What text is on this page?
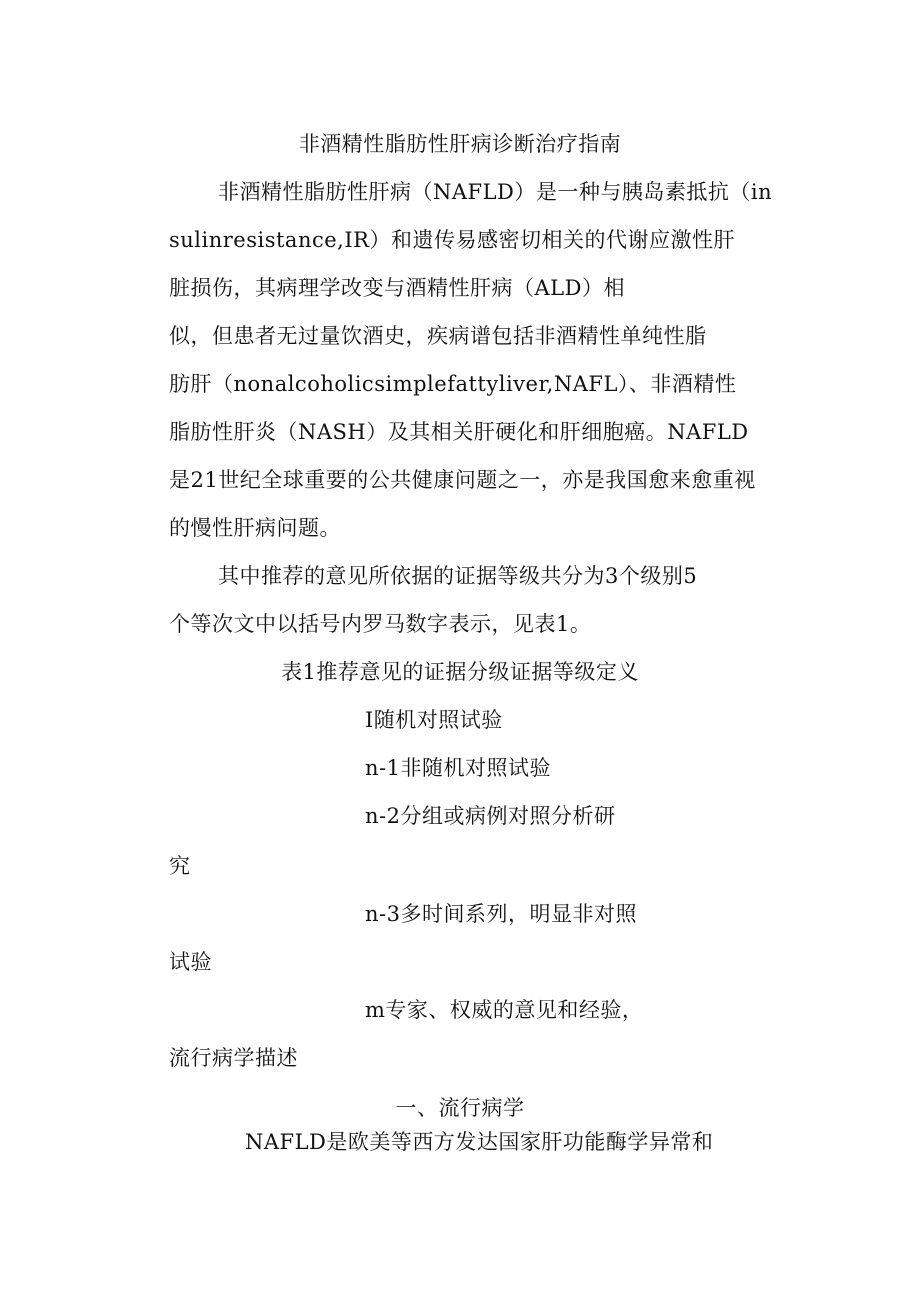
非酒精性脂肪性肝病诊断治疗指南
非酒精性脂肪性肝病（NAFLD）是一种与胰岛素抵抗（in
sulinresistance,IR）和遗传易感密切相关的代谢应激性肝
脏损伤，其病理学改变与酒精性肝病（ALD）相
似，但患者无过量饮酒史，疾病谱包括非酒精性单纯性脂
肪肝（nonalcoholicsimplefattyliver,NAFL）、非酒精性
脂肪性肝炎（NASH）及其相关肝硬化和肝细胞癌。NAFLD
是21世纪全球重要的公共健康问题之一，亦是我国愈来愈重视
的慢性肝病问题。
其中推荐的意见所依据的证据等级共分为3个级别5
个等次文中以括号内罗马数字表示，见表1。
表1推荐意见的证据分级证据等级定义
I随机对照试验
n-1非随机对照试验
n-2分组或病例对照分析研
究
n-3多时间系列，明显非对照
试验
m专家、权威的意见和经验，
流行病学描述
一、流行病学
NAFLD是欧美等西方发达国家肝功能酶学异常和
